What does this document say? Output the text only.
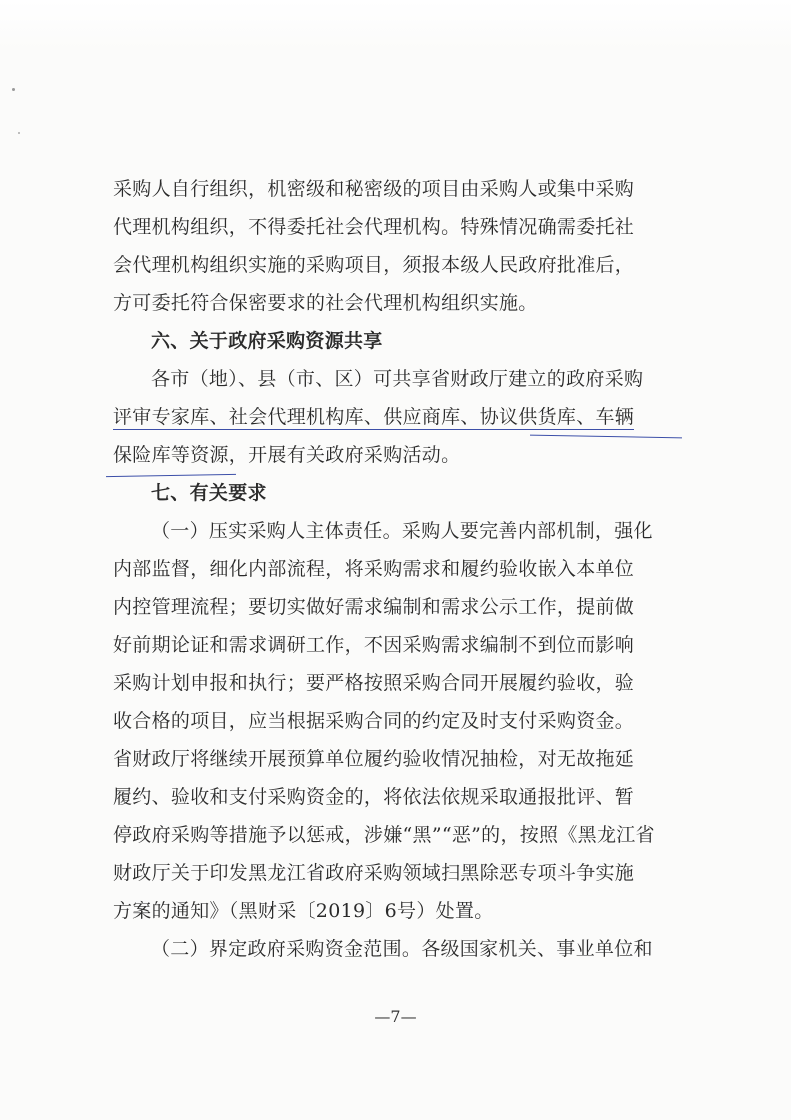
采购人自行组织，机密级和秘密级的项目由采购人或集中采购
代理机构组织，不得委托社会代理机构。特殊情况确需委托社
会代理机构组织实施的采购项目，须报本级人民政府批准后，
方可委托符合保密要求的社会代理机构组织实施。
六、关于政府采购资源共享
各市（地）、县（市、区）可共享省财政厅建立的政府采购
评审专家库、社会代理机构库、供应商库、协议供货库、车辆
保险库等资源，开展有关政府采购活动。
七、有关要求
（一）压实采购人主体责任。采购人要完善内部机制，强化
内部监督，细化内部流程，将采购需求和履约验收嵌入本单位
内控管理流程；要切实做好需求编制和需求公示工作，提前做
好前期论证和需求调研工作，不因采购需求编制不到位而影响
采购计划申报和执行；要严格按照采购合同开展履约验收，验
收合格的项目，应当根据采购合同的约定及时支付采购资金。
省财政厅将继续开展预算单位履约验收情况抽检，对无故拖延
履约、验收和支付采购资金的，将依法依规采取通报批评、暂
停政府采购等措施予以惩戒，涉嫌“黑”“恶”的，按照《黑龙江省
财政厅关于印发黑龙江省政府采购领域扫黑除恶专项斗争实施
方案的通知》（黑财采〔2019〕6号）处置。
（二）界定政府采购资金范围。各级国家机关、事业单位和
—7—
